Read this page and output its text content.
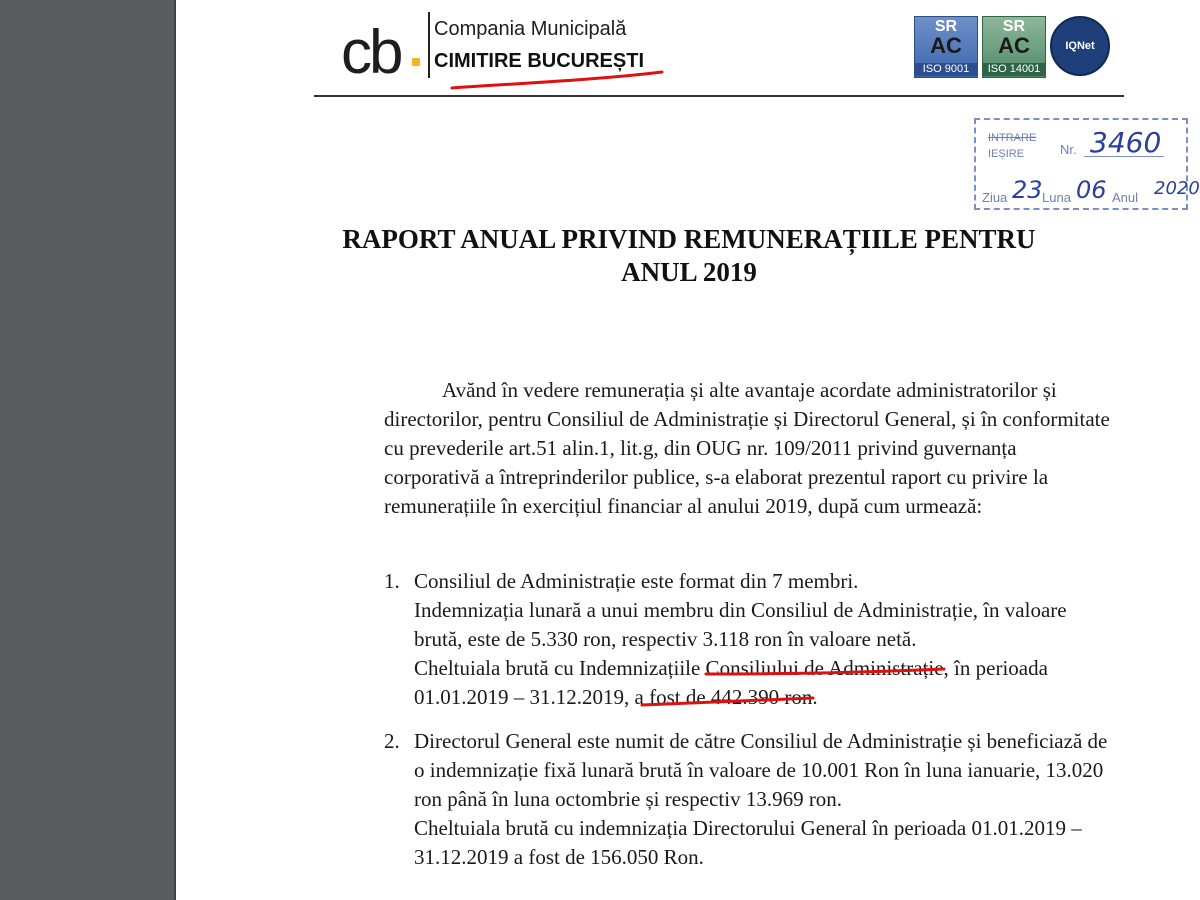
cb Compania Municipală
CIMITIRE BUCUREȘTI
SR
AC
ISO 9001
SR
AC
ISO 14001
IQNet
INTRARE
IEȘIRE	Nr. 3460
Ziua 23 Luna 06 Anul 2020
RAPORT ANUAL PRIVIND REMUNERAȚIILE PENTRU
ANUL 2019
Avănd în vedere remunerația și alte avantaje acordate administratorilor și
directorilor, pentru Consiliul de Administrație și Directorul General, și în conformitate
cu prevederile art.51 alin.1, lit.g, din OUG nr. 109/2011 privind guvernanța
corporativă a întreprinderilor publice, s-a elaborat prezentul raport cu privire la
remunerațiile în exercițiul financiar al anului 2019, după cum urmează:
1. Consiliul de Administrație este format din 7 membri.
Indemnizația lunară a unui membru din Consiliul de Administrație, în valoare
brută, este de 5.330 ron, respectiv 3.118 ron în valoare netă.
Cheltuiala brută cu Indemnizațiile Consiliului de Administrație, în perioada
01.01.2019 – 31.12.2019, a fost de 442.390 ron.
2. Directorul General este numit de către Consiliul de Administrație și beneficiază de
o indemnizație fixă lunară brută în valoare de 10.001 Ron în luna ianuarie, 13.020
ron până în luna octombrie și respectiv 13.969 ron.
Cheltuiala brută cu indemnizația Directorului General în perioada 01.01.2019 –
31.12.2019 a fost de 156.050 Ron.
